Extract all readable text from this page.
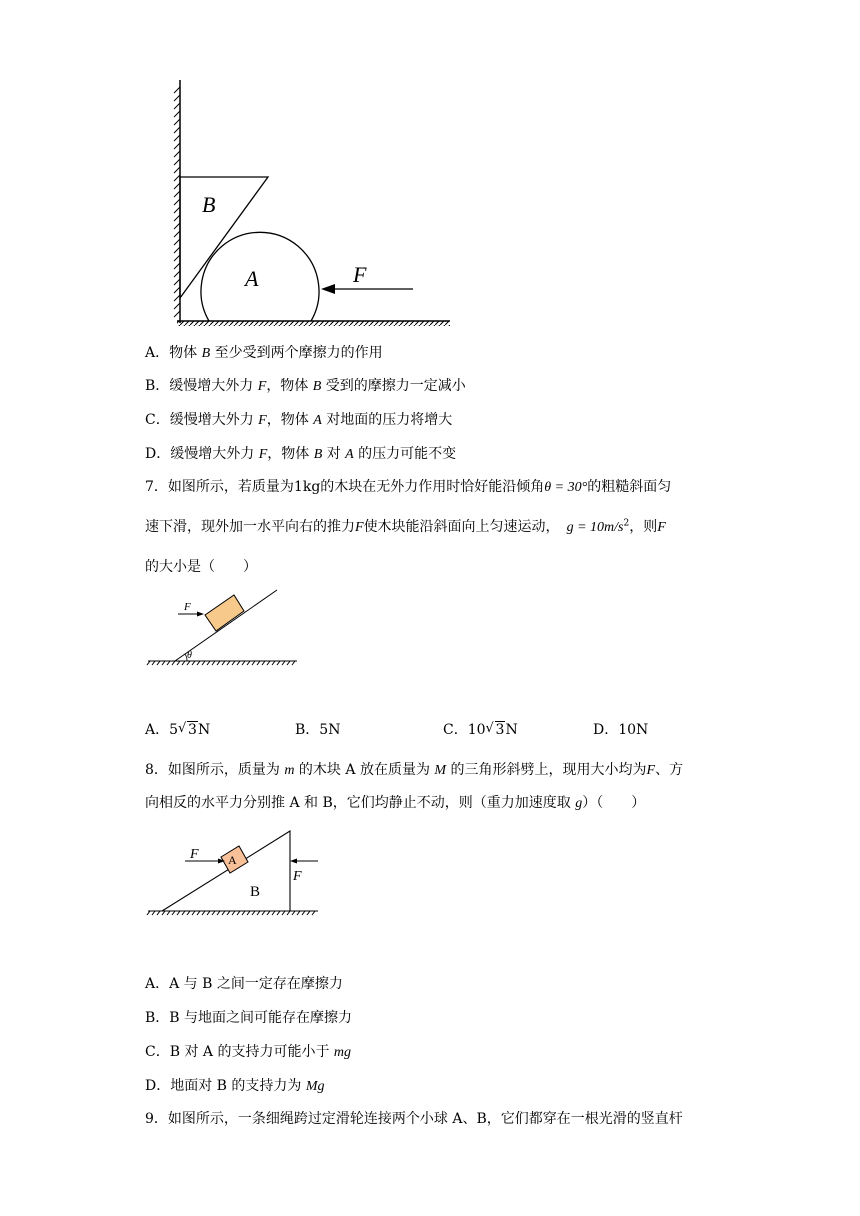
B
A	F
A．物体 B 至少受到两个摩擦力的作用
B．缓慢增大外力 F，物体 B 受到的摩擦力一定减小
C．缓慢增大外力 F，物体 A 对地面的压力将增大
D．缓慢增大外力 F，物体 B 对 A 的压力可能不变
7．如图所示，若质量为1kg的木块在无外力作用时恰好能沿倾角θ = 30°的粗糙斜面匀
速下滑，现外加一水平向右的推力F使木块能沿斜面向上匀速运动，　 $g = 10m/s^2$，则F
的大小是（　　）
θ
F
A．5 √ 3N	B．5N	C．10 √ 3N	D．10N
8．如图所示，质量为 m 的木块 A 放在质量为 M 的三角形斜劈上，现用大小均为F、方
向相反的水平力分别推 A 和 B，它们均静止不动，则（重力加速度取 g）（　　）
B
A
F
F
A．A 与 B 之间一定存在摩擦力
B．B 与地面之间可能存在摩擦力
C．B 对 A 的支持力可能小于 mg
D．地面对 B 的支持力为 Mg
9．如图所示，一条细绳跨过定滑轮连接两个小球 A、B，它们都穿在一根光滑的竖直杆
